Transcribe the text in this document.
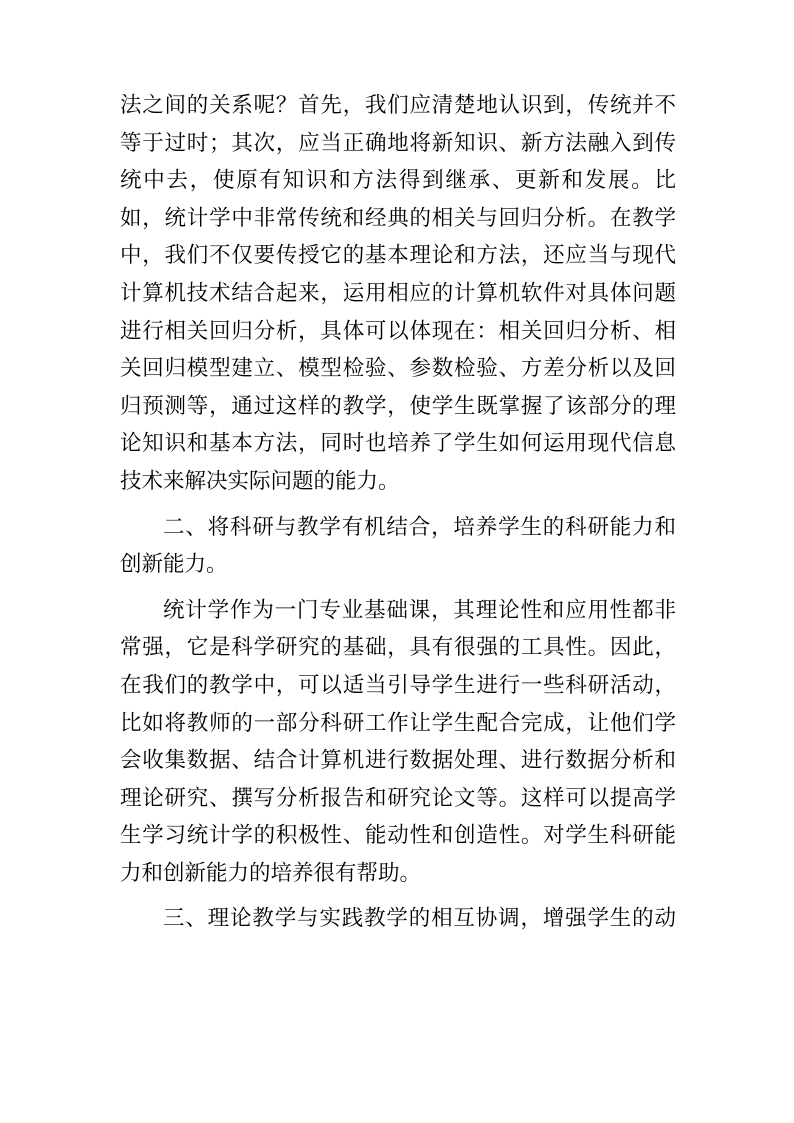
法之间的关系呢？首先，我们应清楚地认识到，传统并不
等于过时；其次，应当正确地将新知识、新方法融入到传
统中去，使原有知识和方法得到继承、更新和发展。比
如，统计学中非常传统和经典的相关与回归分析。在教学
中，我们不仅要传授它的基本理论和方法，还应当与现代
计算机技术结合起来，运用相应的计算机软件对具体问题
进行相关回归分析，具体可以体现在：相关回归分析、相
关回归模型建立、模型检验、参数检验、方差分析以及回
归预测等，通过这样的教学，使学生既掌握了该部分的理
论知识和基本方法，同时也培养了学生如何运用现代信息
技术来解决实际问题的能力。
二、将科研与教学有机结合，培养学生的科研能力和
创新能力。
统计学作为一门专业基础课，其理论性和应用性都非
常强，它是科学研究的基础，具有很强的工具性。因此，
在我们的教学中，可以适当引导学生进行一些科研活动，
比如将教师的一部分科研工作让学生配合完成，让他们学
会收集数据、结合计算机进行数据处理、进行数据分析和
理论研究、撰写分析报告和研究论文等。这样可以提高学
生学习统计学的积极性、能动性和创造性。对学生科研能
力和创新能力的培养很有帮助。
三、理论教学与实践教学的相互协调，增强学生的动
